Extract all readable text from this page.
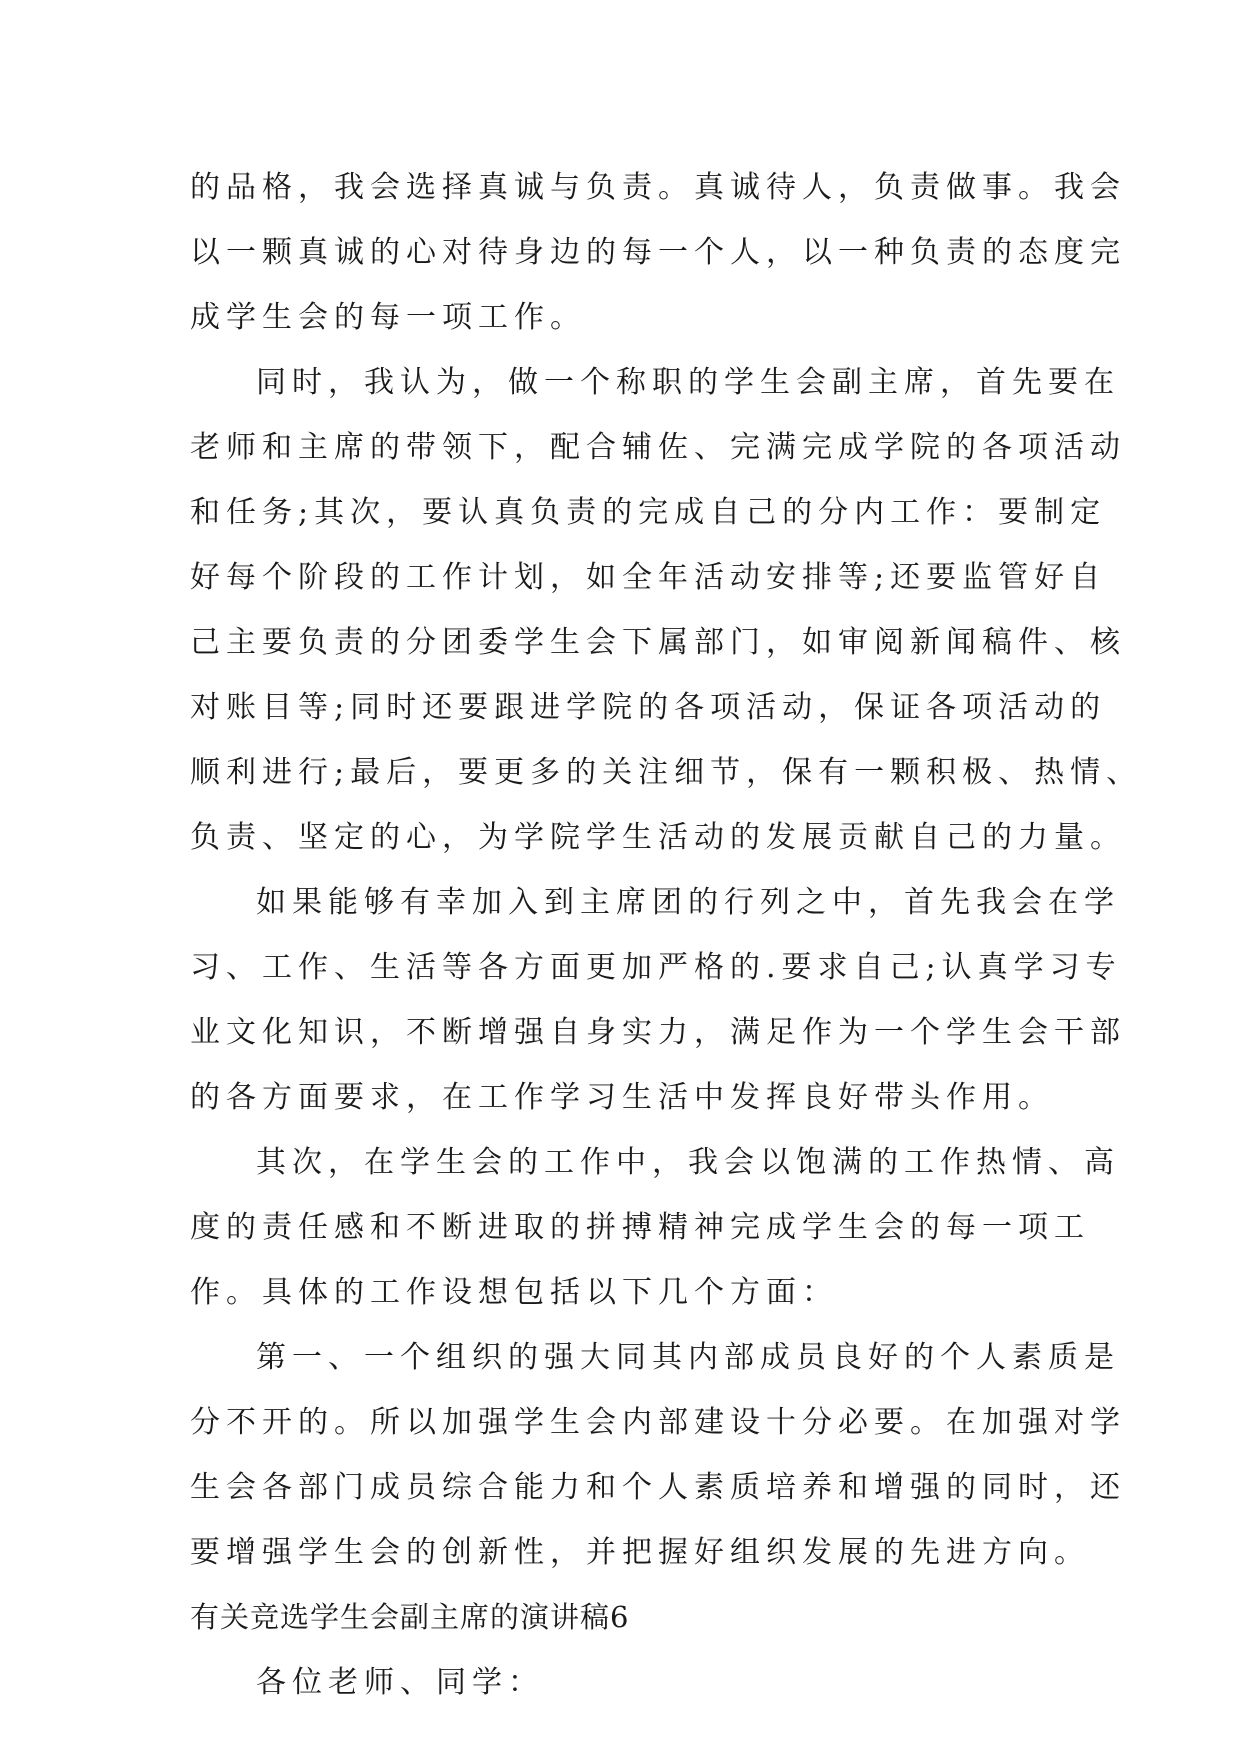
的品格，我会选择真诚与负责。真诚待人，负责做事。我会
以一颗真诚的心对待身边的每一个人，以一种负责的态度完
成学生会的每一项工作。
同时，我认为，做一个称职的学生会副主席，首先要在
老师和主席的带领下，配合辅佐、完满完成学院的各项活动
和任务;其次，要认真负责的完成自己的分内工作：要制定
好每个阶段的工作计划，如全年活动安排等;还要监管好自
己主要负责的分团委学生会下属部门，如审阅新闻稿件、核
对账目等;同时还要跟进学院的各项活动，保证各项活动的
顺利进行;最后，要更多的关注细节，保有一颗积极、热情、
负责、坚定的心，为学院学生活动的发展贡献自己的力量。
如果能够有幸加入到主席团的行列之中，首先我会在学
习、工作、生活等各方面更加严格的.要求自己;认真学习专
业文化知识，不断增强自身实力，满足作为一个学生会干部
的各方面要求，在工作学习生活中发挥良好带头作用。
其次，在学生会的工作中，我会以饱满的工作热情、高
度的责任感和不断进取的拼搏精神完成学生会的每一项工
作。具体的工作设想包括以下几个方面：
第一、一个组织的强大同其内部成员良好的个人素质是
分不开的。所以加强学生会内部建设十分必要。在加强对学
生会各部门成员综合能力和个人素质培养和增强的同时，还
要增强学生会的创新性，并把握好组织发展的先进方向。
有关竞选学生会副主席的演讲稿6
各位老师、同学：
